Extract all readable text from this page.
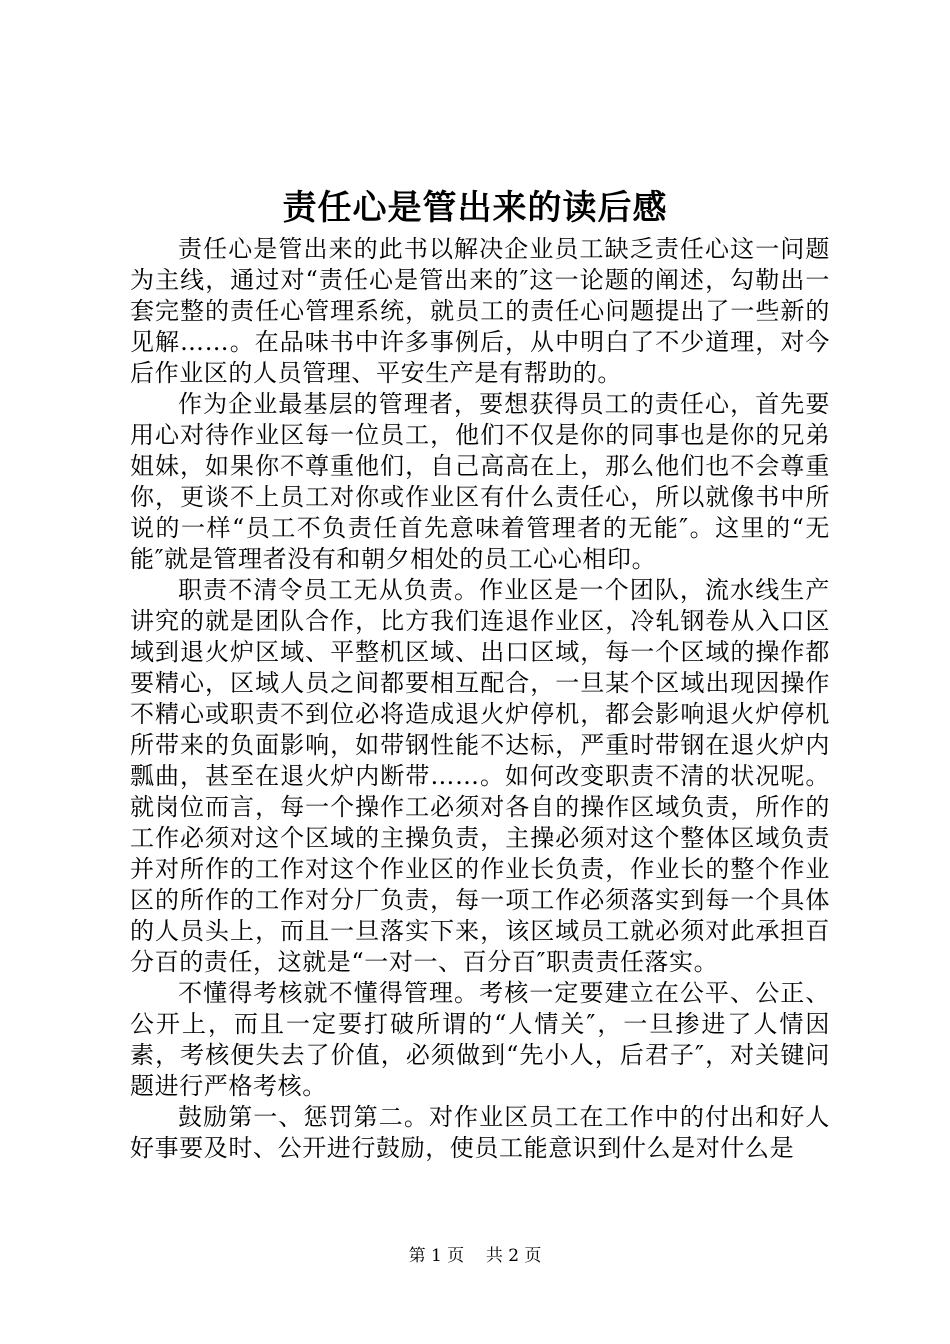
责任心是管出来的读后感

责任心是管出来的此书以解决企业员工缺乏责任心这一问题为主线，通过对“责任心是管出来的″这一论题的阐述，勾勒出一套完整的责任心管理系统，就员工的责任心问题提出了一些新的见解……。在品味书中许多事例后，从中明白了不少道理，对今后作业区的人员管理、平安生产是有帮助的。

作为企业最基层的管理者，要想获得员工的责任心，首先要用心对待作业区每一位员工，他们不仅是你的同事也是你的兄弟姐妹，如果你不尊重他们，自己高高在上，那么他们也不会尊重你，更谈不上员工对你或作业区有什么责任心，所以就像书中所说的一样“员工不负责任首先意味着管理者的无能″。这里的“无能″就是管理者没有和朝夕相处的员工心心相印。

职责不清令员工无从负责。作业区是一个团队，流水线生产讲究的就是团队合作，比方我们连退作业区，冷轧钢卷从入口区域到退火炉区域、平整机区域、出口区域，每一个区域的操作都要精心，区域人员之间都要相互配合，一旦某个区域出现因操作不精心或职责不到位必将造成退火炉停机，都会影响退火炉停机所带来的负面影响，如带钢性能不达标，严重时带钢在退火炉内瓢曲，甚至在退火炉内断带……。如何改变职责不清的状况呢。就岗位而言，每一个操作工必须对各自的操作区域负责，所作的工作必须对这个区域的主操负责，主操必须对这个整体区域负责并对所作的工作对这个作业区的作业长负责，作业长的整个作业区的所作的工作对分厂负责，每一项工作必须落实到每一个具体的人员头上，而且一旦落实下来，该区域员工就必须对此承担百分百的责任，这就是“一对一、百分百″职责责任落实。

不懂得考核就不懂得管理。考核一定要建立在公平、公正、公开上，而且一定要打破所谓的“人情关″，一旦掺进了人情因素，考核便失去了价值，必须做到“先小人，后君子″，对关键问题进行严格考核。

鼓励第一、惩罚第二。对作业区员工在工作中的付出和好人好事要及时、公开进行鼓励，使员工能意识到什么是对什么是

第 1 页 共 2 页
